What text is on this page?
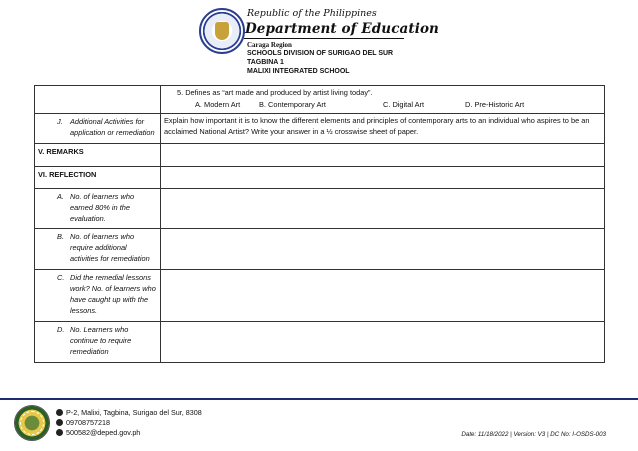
Republic of the Philippines
Department of Education
Caraga Region
SCHOOLS DIVISION OF SURIGAO DEL SUR
TAGBINA 1
MALIXI INTEGRATED SCHOOL

	5. Defines as “art made and produced by artist living today”.
A. Modern Art B. Contemporary Art C. Digital Art D. Pre-Historic Art

J. Additional Activities for application or remediation	Explain how important it is to know the different elements and principles of contemporary arts to an individual who aspires to be an acclaimed National Artist? Write your answer in a ½ crosswise sheet of paper.

V. REMARKS	

VI. REFLECTION	

A. No. of learners who earned 80% in the evaluation.	

B. No. of learners who require additional activities for remediation	

C. Did the remedial lessons work? No. of learners who have caught up with the lessons.	

D. No. Learners who continue to require remediation	

P-2, Malixi, Tagbina, Surigao del Sur, 8308
09708757218
500582@deped.gov.ph	Date: 11/18/2022 | Version: V3 | DC No: I-OSDS-003
